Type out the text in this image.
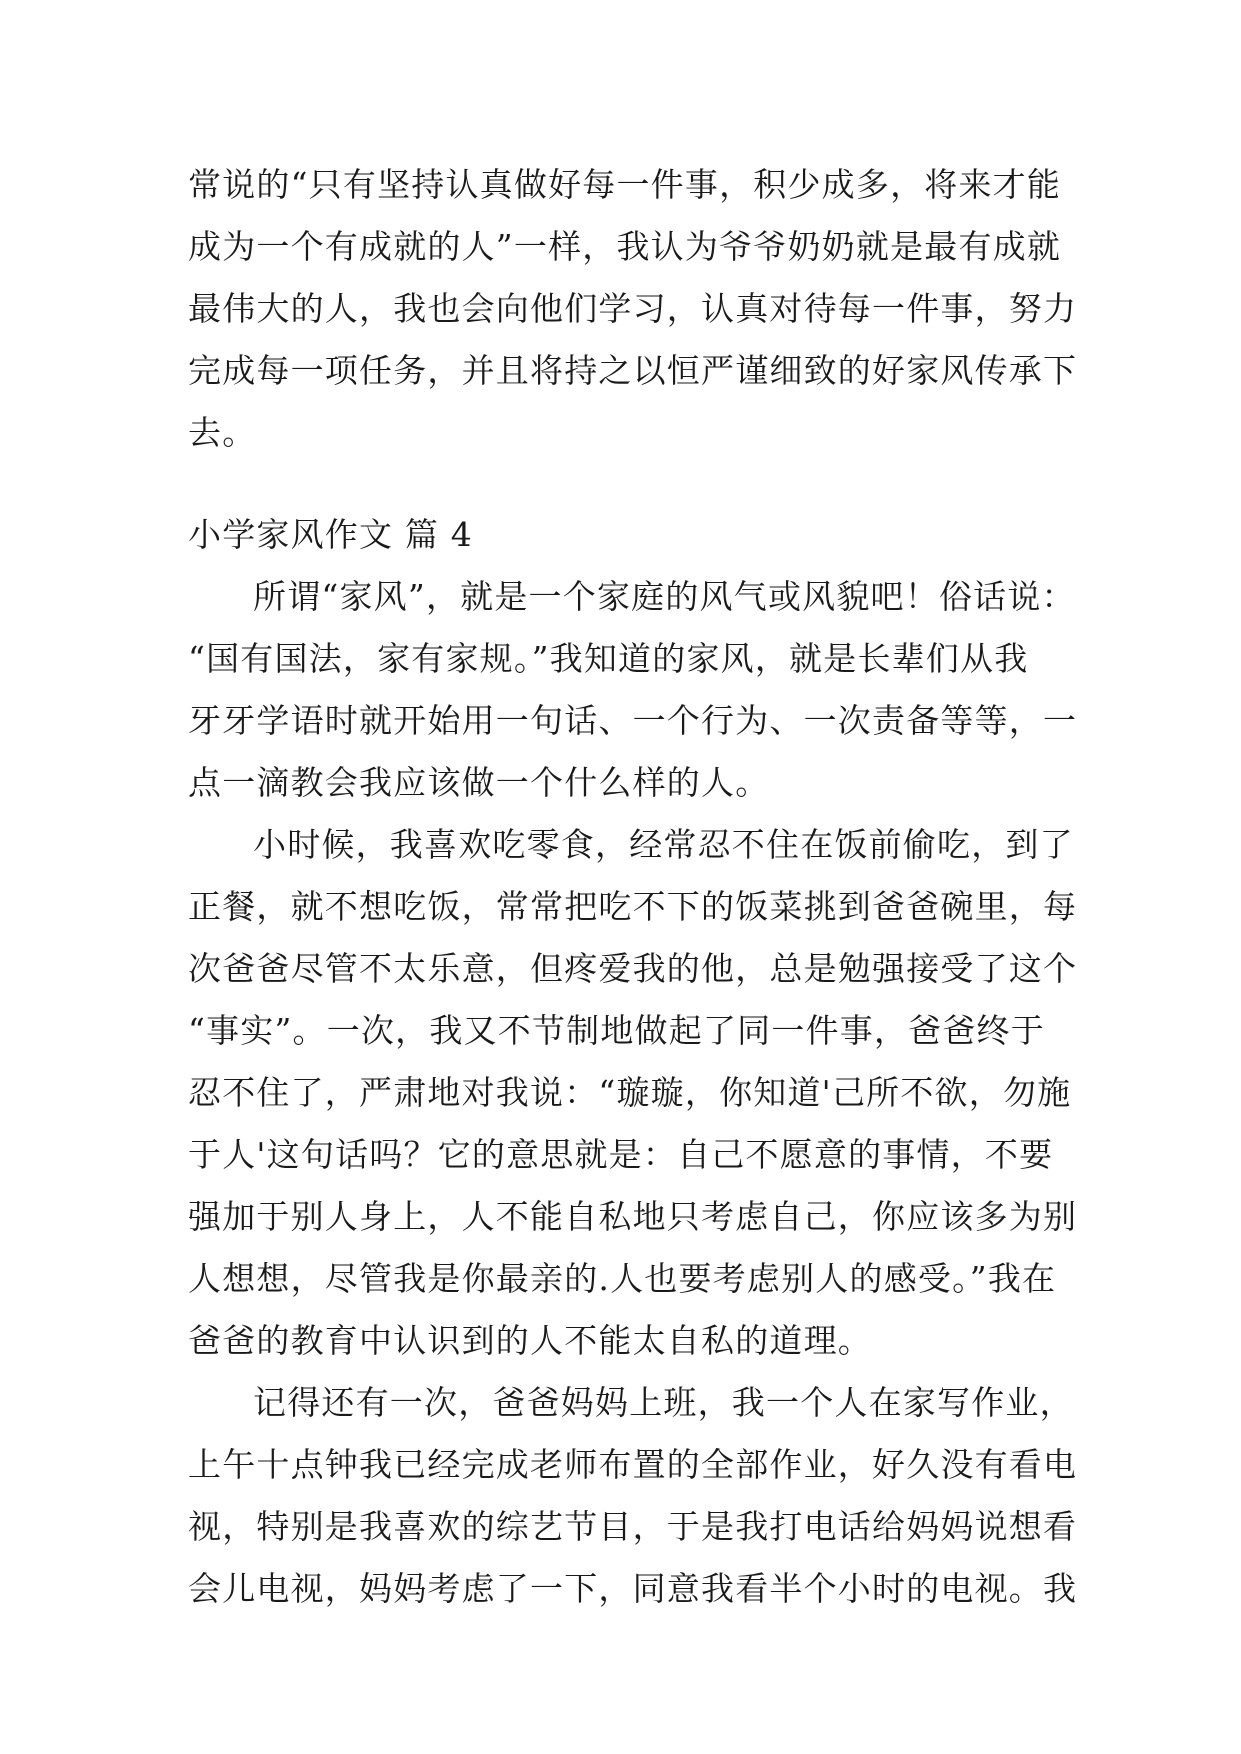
常说的“只有坚持认真做好每一件事，积少成多，将来才能
成为一个有成就的人”一样，我认为爷爷奶奶就是最有成就
最伟大的人，我也会向他们学习，认真对待每一件事，努力
完成每一项任务，并且将持之以恒严谨细致的好家风传承下
去。
小学家风作文 篇 4
所谓“家风”，就是一个家庭的风气或风貌吧！俗话说：
“国有国法，家有家规。”我知道的家风，就是长辈们从我
牙牙学语时就开始用一句话、一个行为、一次责备等等，一
点一滴教会我应该做一个什么样的人。
小时候，我喜欢吃零食，经常忍不住在饭前偷吃，到了
正餐，就不想吃饭，常常把吃不下的饭菜挑到爸爸碗里，每
次爸爸尽管不太乐意，但疼爱我的他，总是勉强接受了这个
“事实”。一次，我又不节制地做起了同一件事，爸爸终于
忍不住了，严肃地对我说：“璇璇，你知道'己所不欲，勿施
于人'这句话吗？它的意思就是：自己不愿意的事情，不要
强加于别人身上，人不能自私地只考虑自己，你应该多为别
人想想，尽管我是你最亲的.人也要考虑别人的感受。”我在
爸爸的教育中认识到的人不能太自私的道理。
记得还有一次，爸爸妈妈上班，我一个人在家写作业，
上午十点钟我已经完成老师布置的全部作业，好久没有看电
视，特别是我喜欢的综艺节目，于是我打电话给妈妈说想看
会儿电视，妈妈考虑了一下，同意我看半个小时的电视。我
